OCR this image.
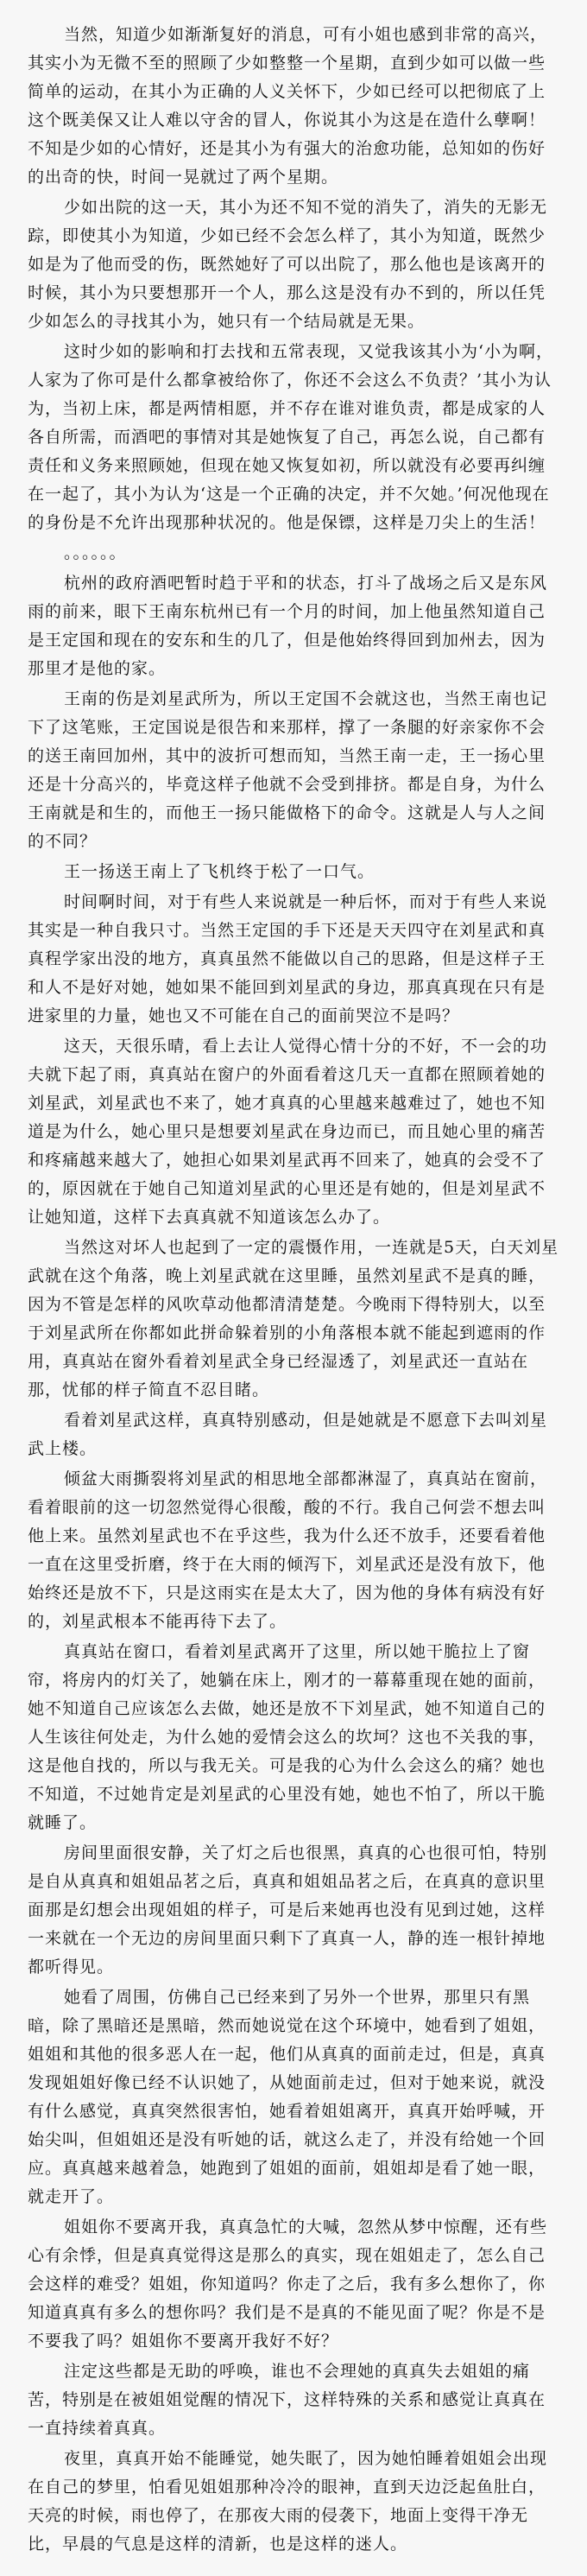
当然，知道少如渐渐复好的消息，可有小姐也感到非常的高兴，其实小为无微不至的照顾了少如整整一个星期，直到少如可以做一些简单的运动，在其小为正确的人义关怀下，少如已经可以把彻底了上这个既美保又让人难以守舍的冒人，你说其小为这是在造什么孽啊！不知是少如的心情好，还是其小为有强大的治愈功能，总知如的伤好的出奇的快，时间一晃就过了两个星期。

少如出院的这一天，其小为还不知不觉的消失了，消失的无影无踪，即使其小为知道，少如已经不会怎么样了，其小为知道，既然少如是为了他而受的伤，既然她好了可以出院了，那么他也是该离开的时候，其小为只要想那开一个人，那么这是没有办不到的，所以任凭少如怎么的寻找其小为，她只有一个结局就是无果。

这时少如的影响和打去找和五常表现，又觉我该其小为‘小为啊，人家为了你可是什么都拿被给你了，你还不会这么不负责？’其小为认为，当初上床，都是两情相愿，并不存在谁对谁负责，都是成家的人各自所需，而酒吧的事情对其是她恢复了自己，再怎么说，自己都有责任和义务来照顾她，但现在她又恢复如初，所以就没有必要再纠缠在一起了，其小为认为‘这是一个正确的决定，并不欠她。’何况他现在的身份是不允许出现那种状况的。他是保镖，这样是刀尖上的生活！

。。。。。。

杭州的政府酒吧暂时趋于平和的状态，打斗了战场之后又是东风雨的前来，眼下王南东杭州已有一个月的时间，加上他虽然知道自己是王定国和现在的安东和生的几了，但是他始终得回到加州去，因为那里才是他的家。

王南的伤是刘星武所为，所以王定国不会就这也，当然王南也记下了这笔账，王定国说是很告和来那样，撑了一条腿的好亲家你不会的送王南回加州，其中的波折可想而知，当然王南一走，王一扬心里还是十分高兴的，毕竟这样子他就不会受到排挤。都是自身，为什么王南就是和生的，而他王一扬只能做格下的命令。这就是人与人之间的不同？

王一扬送王南上了飞机终于松了一口气。

时间啊时间，对于有些人来说就是一种后怀，而对于有些人来说其实是一种自我只寸。当然王定国的手下还是天天四守在刘星武和真真程学家出没的地方，真真虽然不能做以自己的思路，但是这样子王和人不是好对她，她如果不能回到刘星武的身边，那真真现在只有是进家里的力量，她也又不可能在自己的面前哭泣不是吗？

这天，天很乐晴，看上去让人觉得心情十分的不好，不一会的功夫就下起了雨，真真站在窗户的外面看着这几天一直都在照顾着她的刘星武，刘星武也不来了，她才真真的心里越来越难过了，她也不知道是为什么，她心里只是想要刘星武在身边而已，而且她心里的痛苦和疼痛越来越大了，她担心如果刘星武再不回来了，她真的会受不了的，原因就在于她自己知道刘星武的心里还是有她的，但是刘星武不让她知道，这样下去真真就不知道该怎么办了。

当然这对坏人也起到了一定的震慑作用，一连就是5天，白天刘星武就在这个角落，晚上刘星武就在这里睡，虽然刘星武不是真的睡，因为不管是怎样的风吹草动他都清清楚楚。今晚雨下得特别大，以至于刘星武所在你都如此拼命躲着别的小角落根本就不能起到遮雨的作用，真真站在窗外看着刘星武全身已经湿透了，刘星武还一直站在那，忧郁的样子简直不忍目睹。

看着刘星武这样，真真特别感动，但是她就是不愿意下去叫刘星武上楼。

倾盆大雨撕裂将刘星武的相思地全部都淋湿了，真真站在窗前，看着眼前的这一切忽然觉得心很酸，酸的不行。我自己何尝不想去叫他上来。虽然刘星武也不在乎这些，我为什么还不放手，还要看着他一直在这里受折磨，终于在大雨的倾泻下，刘星武还是没有放下，他始终还是放不下，只是这雨实在是太大了，因为他的身体有病没有好的，刘星武根本不能再待下去了。

真真站在窗口，看着刘星武离开了这里，所以她干脆拉上了窗帘，将房内的灯关了，她躺在床上，刚才的一幕幕重现在她的面前，她不知道自己应该怎么去做，她还是放不下刘星武，她不知道自己的人生该往何处走，为什么她的爱情会这么的坎坷？这也不关我的事，这是他自找的，所以与我无关。可是我的心为什么会这么的痛？她也不知道，不过她肯定是刘星武的心里没有她，她也不怕了，所以干脆就睡了。

房间里面很安静，关了灯之后也很黑，真真的心也很可怕，特别是自从真真和姐姐品茗之后，真真和姐姐品茗之后，在真真的意识里面那是幻想会出现姐姐的样子，可是后来她再也没有见到过她，这样一来就在一个无边的房间里面只剩下了真真一人，静的连一根针掉地都听得见。

她看了周围，仿佛自己已经来到了另外一个世界，那里只有黑暗，除了黑暗还是黑暗，然而她说觉在这个环境中，她看到了姐姐，姐姐和其他的很多恶人在一起，他们从真真的面前走过，但是，真真发现姐姐好像已经不认识她了，从她面前走过，但对于她来说，就没有什么感觉，真真突然很害怕，她看着姐姐离开，真真开始呼喊，开始尖叫，但姐姐还是没有听她的话，就这么走了，并没有给她一个回应。真真越来越着急，她跑到了姐姐的面前，姐姐却是看了她一眼，就走开了。

姐姐你不要离开我，真真急忙的大喊，忽然从梦中惊醒，还有些心有余悸，但是真真觉得这是那么的真实，现在姐姐走了，怎么自己会这样的难受？姐姐，你知道吗？你走了之后，我有多么想你了，你知道真真有多么的想你吗？我们是不是真的不能见面了呢？你是不是不要我了吗？姐姐你不要离开我好不好？

注定这些都是无助的呼唤，谁也不会理她的真真失去姐姐的痛苦，特别是在被姐姐觉醒的情况下，这样特殊的关系和感觉让真真在一直持续着真真。

夜里，真真开始不能睡觉，她失眠了，因为她怕睡着姐姐会出现在自己的梦里，怕看见姐姐那种冷冷的眼神，直到天边泛起鱼肚白，天亮的时候，雨也停了，在那夜大雨的侵袭下，地面上变得干净无比，早晨的气息是这样的清新，也是这样的迷人。
